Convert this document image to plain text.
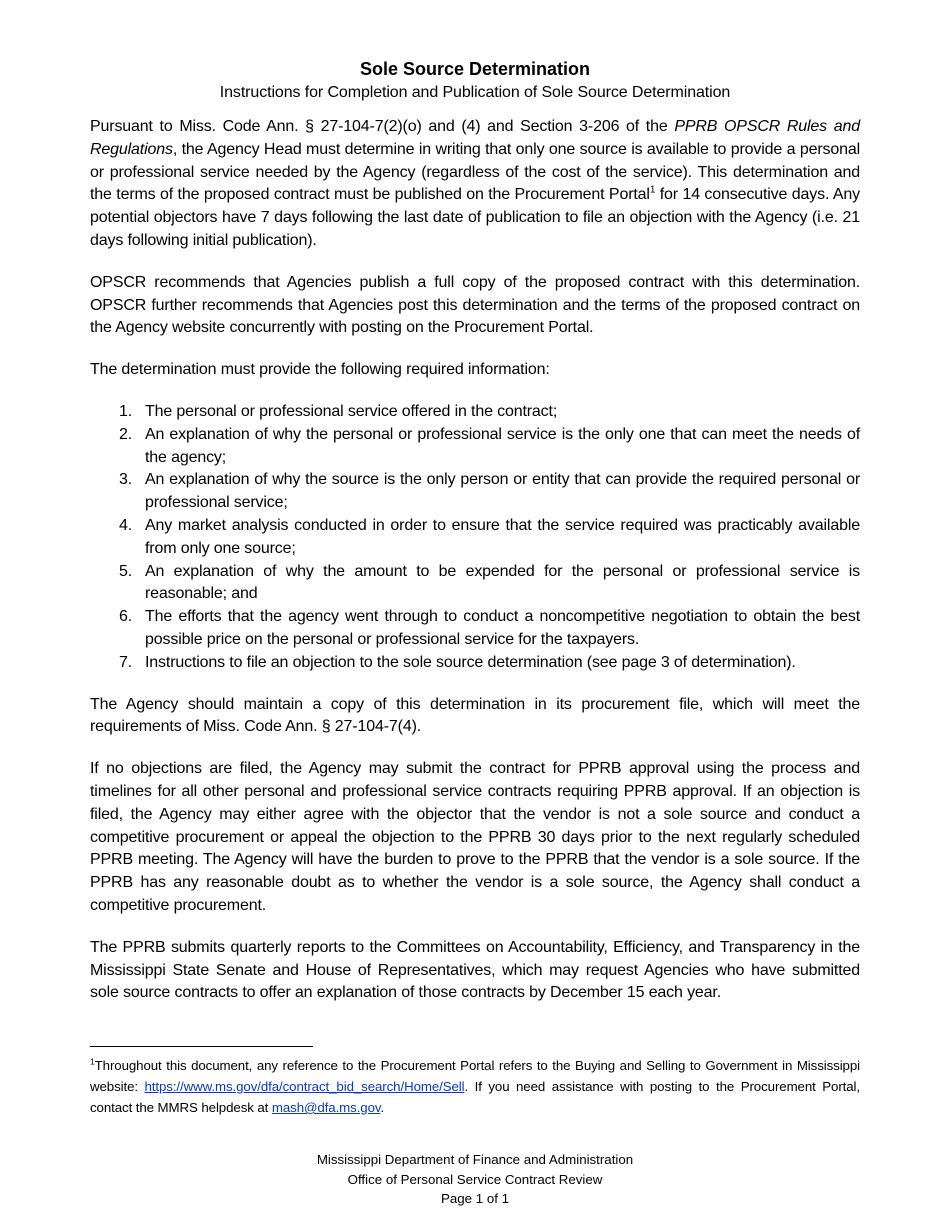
Sole Source Determination
Instructions for Completion and Publication of Sole Source Determination

Pursuant to Miss. Code Ann. § 27-104-7(2)(o) and (4) and Section 3-206 of the PPRB OPSCR Rules and Regulations, the Agency Head must determine in writing that only one source is available to provide a personal or professional service needed by the Agency (regardless of the cost of the service). This determination and the terms of the proposed contract must be published on the Procurement Portal$^1$ for 14 consecutive days. Any potential objectors have 7 days following the last date of publication to file an objection with the Agency (i.e. 21 days following initial publication).

OPSCR recommends that Agencies publish a full copy of the proposed contract with this determination. OPSCR further recommends that Agencies post this determination and the terms of the proposed contract on the Agency website concurrently with posting on the Procurement Portal.

The determination must provide the following required information:

1. The personal or professional service offered in the contract;
2. An explanation of why the personal or professional service is the only one that can meet the needs of the agency;
3. An explanation of why the source is the only person or entity that can provide the required personal or professional service;
4. Any market analysis conducted in order to ensure that the service required was practicably available from only one source;
5. An explanation of why the amount to be expended for the personal or professional service is reasonable; and
6. The efforts that the agency went through to conduct a noncompetitive negotiation to obtain the best possible price on the personal or professional service for the taxpayers.
7. Instructions to file an objection to the sole source determination (see page 3 of determination).

The Agency should maintain a copy of this determination in its procurement file, which will meet the requirements of Miss. Code Ann. § 27-104-7(4).

If no objections are filed, the Agency may submit the contract for PPRB approval using the process and timelines for all other personal and professional service contracts requiring PPRB approval. If an objection is filed, the Agency may either agree with the objector that the vendor is not a sole source and conduct a competitive procurement or appeal the objection to the PPRB 30 days prior to the next regularly scheduled PPRB meeting. The Agency will have the burden to prove to the PPRB that the vendor is a sole source. If the PPRB has any reasonable doubt as to whether the vendor is a sole source, the Agency shall conduct a competitive procurement.

The PPRB submits quarterly reports to the Committees on Accountability, Efficiency, and Transparency in the Mississippi State Senate and House of Representatives, which may request Agencies who have submitted sole source contracts to offer an explanation of those contracts by December 15 each year.

$^1$Throughout this document, any reference to the Procurement Portal refers to the Buying and Selling to Government in Mississippi website: https://www.ms.gov/dfa/contract_bid_search/Home/Sell. If you need assistance with posting to the Procurement Portal, contact the MMRS helpdesk at mash@dfa.ms.gov.
Mississippi Department of Finance and Administration
Office of Personal Service Contract Review
Page 1 of 1
